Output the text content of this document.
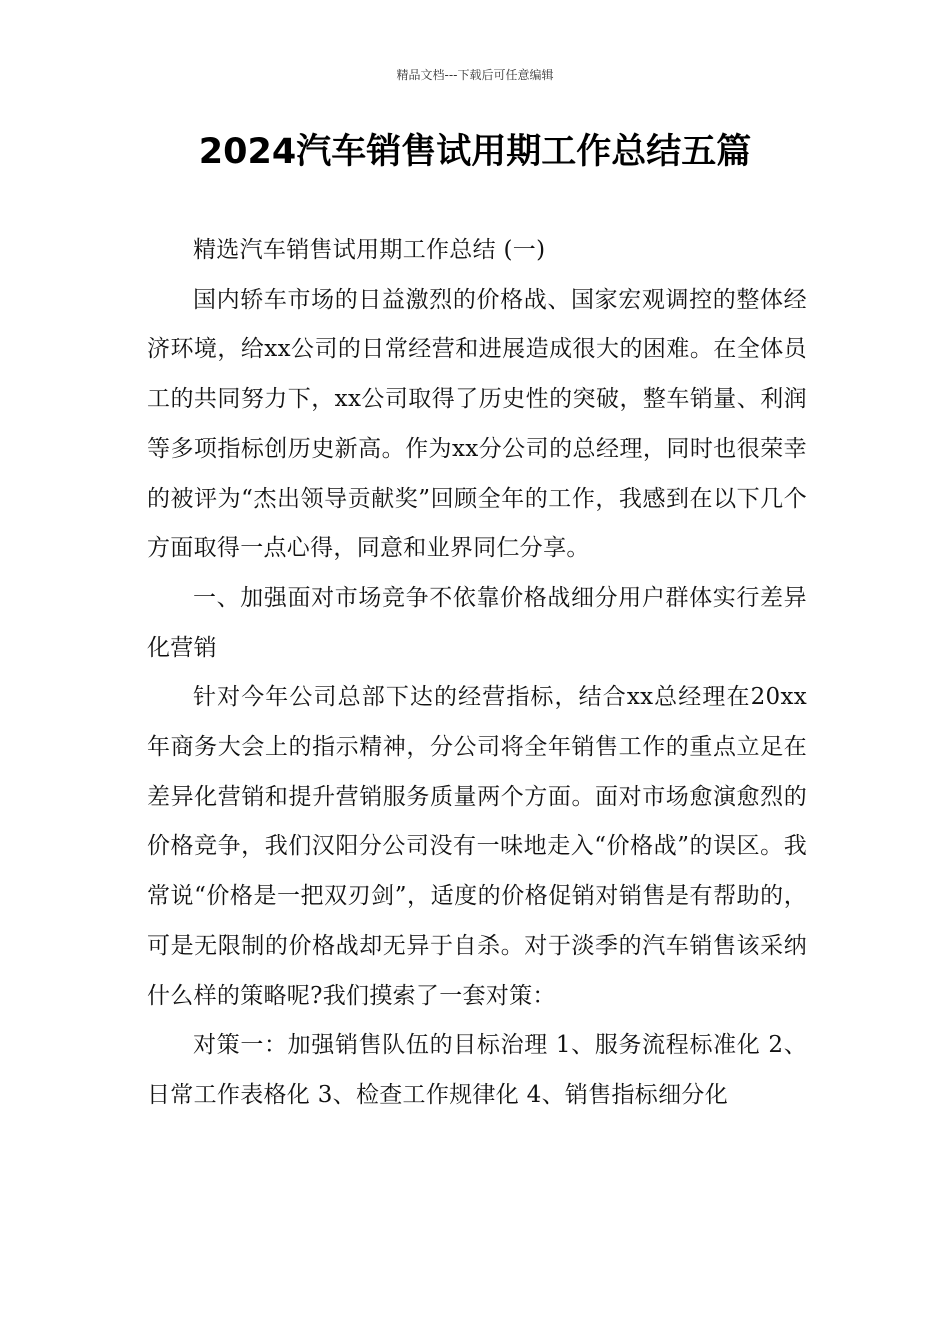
精品文档---下载后可任意编辑
2024汽车销售试用期工作总结五篇

精选汽车销售试用期工作总结 (一)

国内轿车市场的日益激烈的价格战、国家宏观调控的整体经济环境，给xx公司的日常经营和进展造成很大的困难。在全体员工的共同努力下，xx公司取得了历史性的突破，整车销量、利润等多项指标创历史新高。作为xx分公司的总经理，同时也很荣幸的被评为“杰出领导贡献奖”回顾全年的工作，我感到在以下几个方面取得一点心得，同意和业界同仁分享。

一、加强面对市场竞争不依靠价格战细分用户群体实行差异化营销

针对今年公司总部下达的经营指标，结合xx总经理在20xx年商务大会上的指示精神，分公司将全年销售工作的重点立足在差异化营销和提升营销服务质量两个方面。面对市场愈演愈烈的价格竞争，我们汉阳分公司没有一味地走入“价格战”的误区。我常说“价格是一把双刃剑”，适度的价格促销对销售是有帮助的，可是无限制的价格战却无异于自杀。对于淡季的汽车销售该采纳什么样的策略呢?我们摸索了一套对策：

对策一：加强销售队伍的目标治理 1、服务流程标准化 2、日常工作表格化 3、检查工作规律化 4、销售指标细分化
